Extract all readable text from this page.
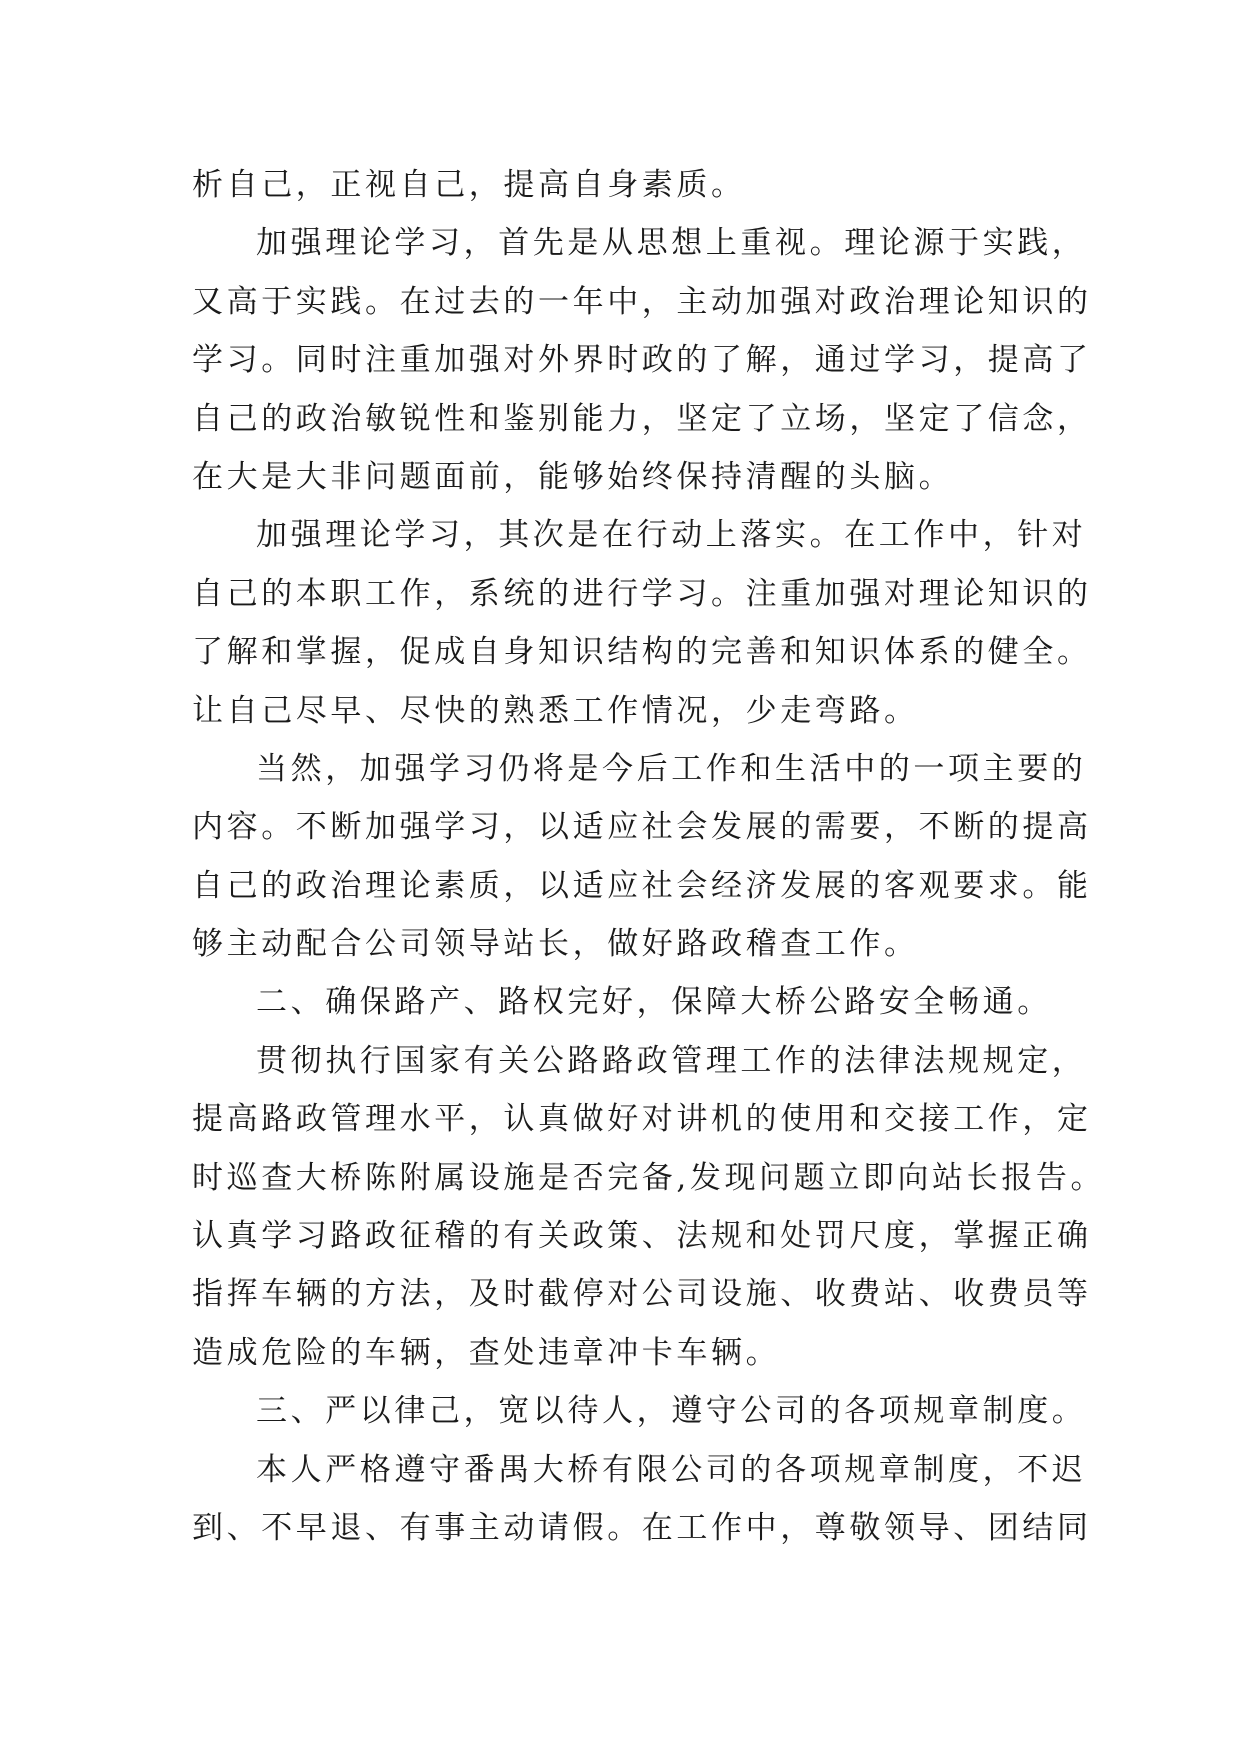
析自己，正视自己，提高自身素质。
加强理论学习，首先是从思想上重视。理论源于实践，
又高于实践。在过去的一年中，主动加强对政治理论知识的
学习。同时注重加强对外界时政的了解，通过学习，提高了
自己的政治敏锐性和鉴别能力，坚定了立场，坚定了信念，
在大是大非问题面前，能够始终保持清醒的头脑。
加强理论学习，其次是在行动上落实。在工作中，针对
自己的本职工作，系统的进行学习。注重加强对理论知识的
了解和掌握，促成自身知识结构的完善和知识体系的健全。
让自己尽早、尽快的熟悉工作情况，少走弯路。
当然，加强学习仍将是今后工作和生活中的一项主要的
内容。不断加强学习，以适应社会发展的需要，不断的提高
自己的政治理论素质，以适应社会经济发展的客观要求。能
够主动配合公司领导站长，做好路政稽查工作。
二、确保路产、路权完好，保障大桥公路安全畅通。
贯彻执行国家有关公路路政管理工作的法律法规规定，
提高路政管理水平，认真做好对讲机的使用和交接工作，定
时巡查大桥陈附属设施是否完备,发现问题立即向站长报告。
认真学习路政征稽的有关政策、法规和处罚尺度，掌握正确
指挥车辆的方法，及时截停对公司设施、收费站、收费员等
造成危险的车辆，查处违章冲卡车辆。
三、严以律己，宽以待人，遵守公司的各项规章制度。
本人严格遵守番禺大桥有限公司的各项规章制度，不迟
到、不早退、有事主动请假。在工作中，尊敬领导、团结同
